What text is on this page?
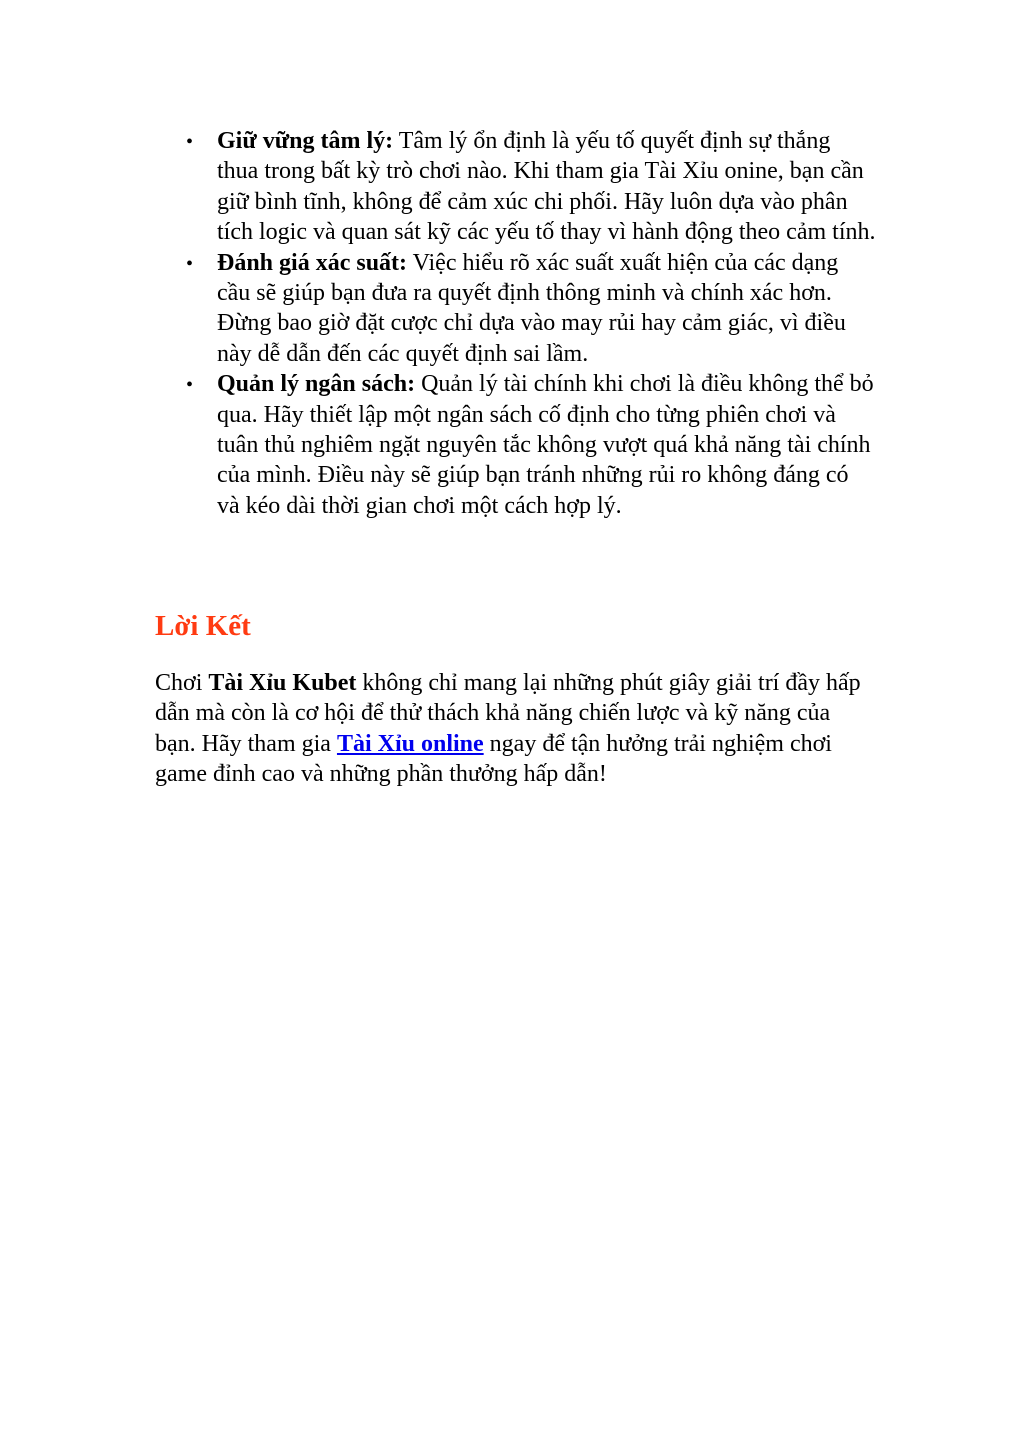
• Giữ vững tâm lý: Tâm lý ổn định là yếu tố quyết định sự thắng thua trong bất kỳ trò chơi nào. Khi tham gia Tài Xỉu onine, bạn cần giữ bình tĩnh, không để cảm xúc chi phối. Hãy luôn dựa vào phân tích logic và quan sát kỹ các yếu tố thay vì hành động theo cảm tính.
• Đánh giá xác suất: Việc hiểu rõ xác suất xuất hiện của các dạng cầu sẽ giúp bạn đưa ra quyết định thông minh và chính xác hơn. Đừng bao giờ đặt cược chỉ dựa vào may rủi hay cảm giác, vì điều này dễ dẫn đến các quyết định sai lầm.
• Quản lý ngân sách: Quản lý tài chính khi chơi là điều không thể bỏ qua. Hãy thiết lập một ngân sách cố định cho từng phiên chơi và tuân thủ nghiêm ngặt nguyên tắc không vượt quá khả năng tài chính của mình. Điều này sẽ giúp bạn tránh những rủi ro không đáng có và kéo dài thời gian chơi một cách hợp lý.
Lời Kết

Chơi Tài Xỉu Kubet không chỉ mang lại những phút giây giải trí đầy hấp dẫn mà còn là cơ hội để thử thách khả năng chiến lược và kỹ năng của bạn. Hãy tham gia Tài Xỉu online ngay để tận hưởng trải nghiệm chơi game đỉnh cao và những phần thưởng hấp dẫn!
